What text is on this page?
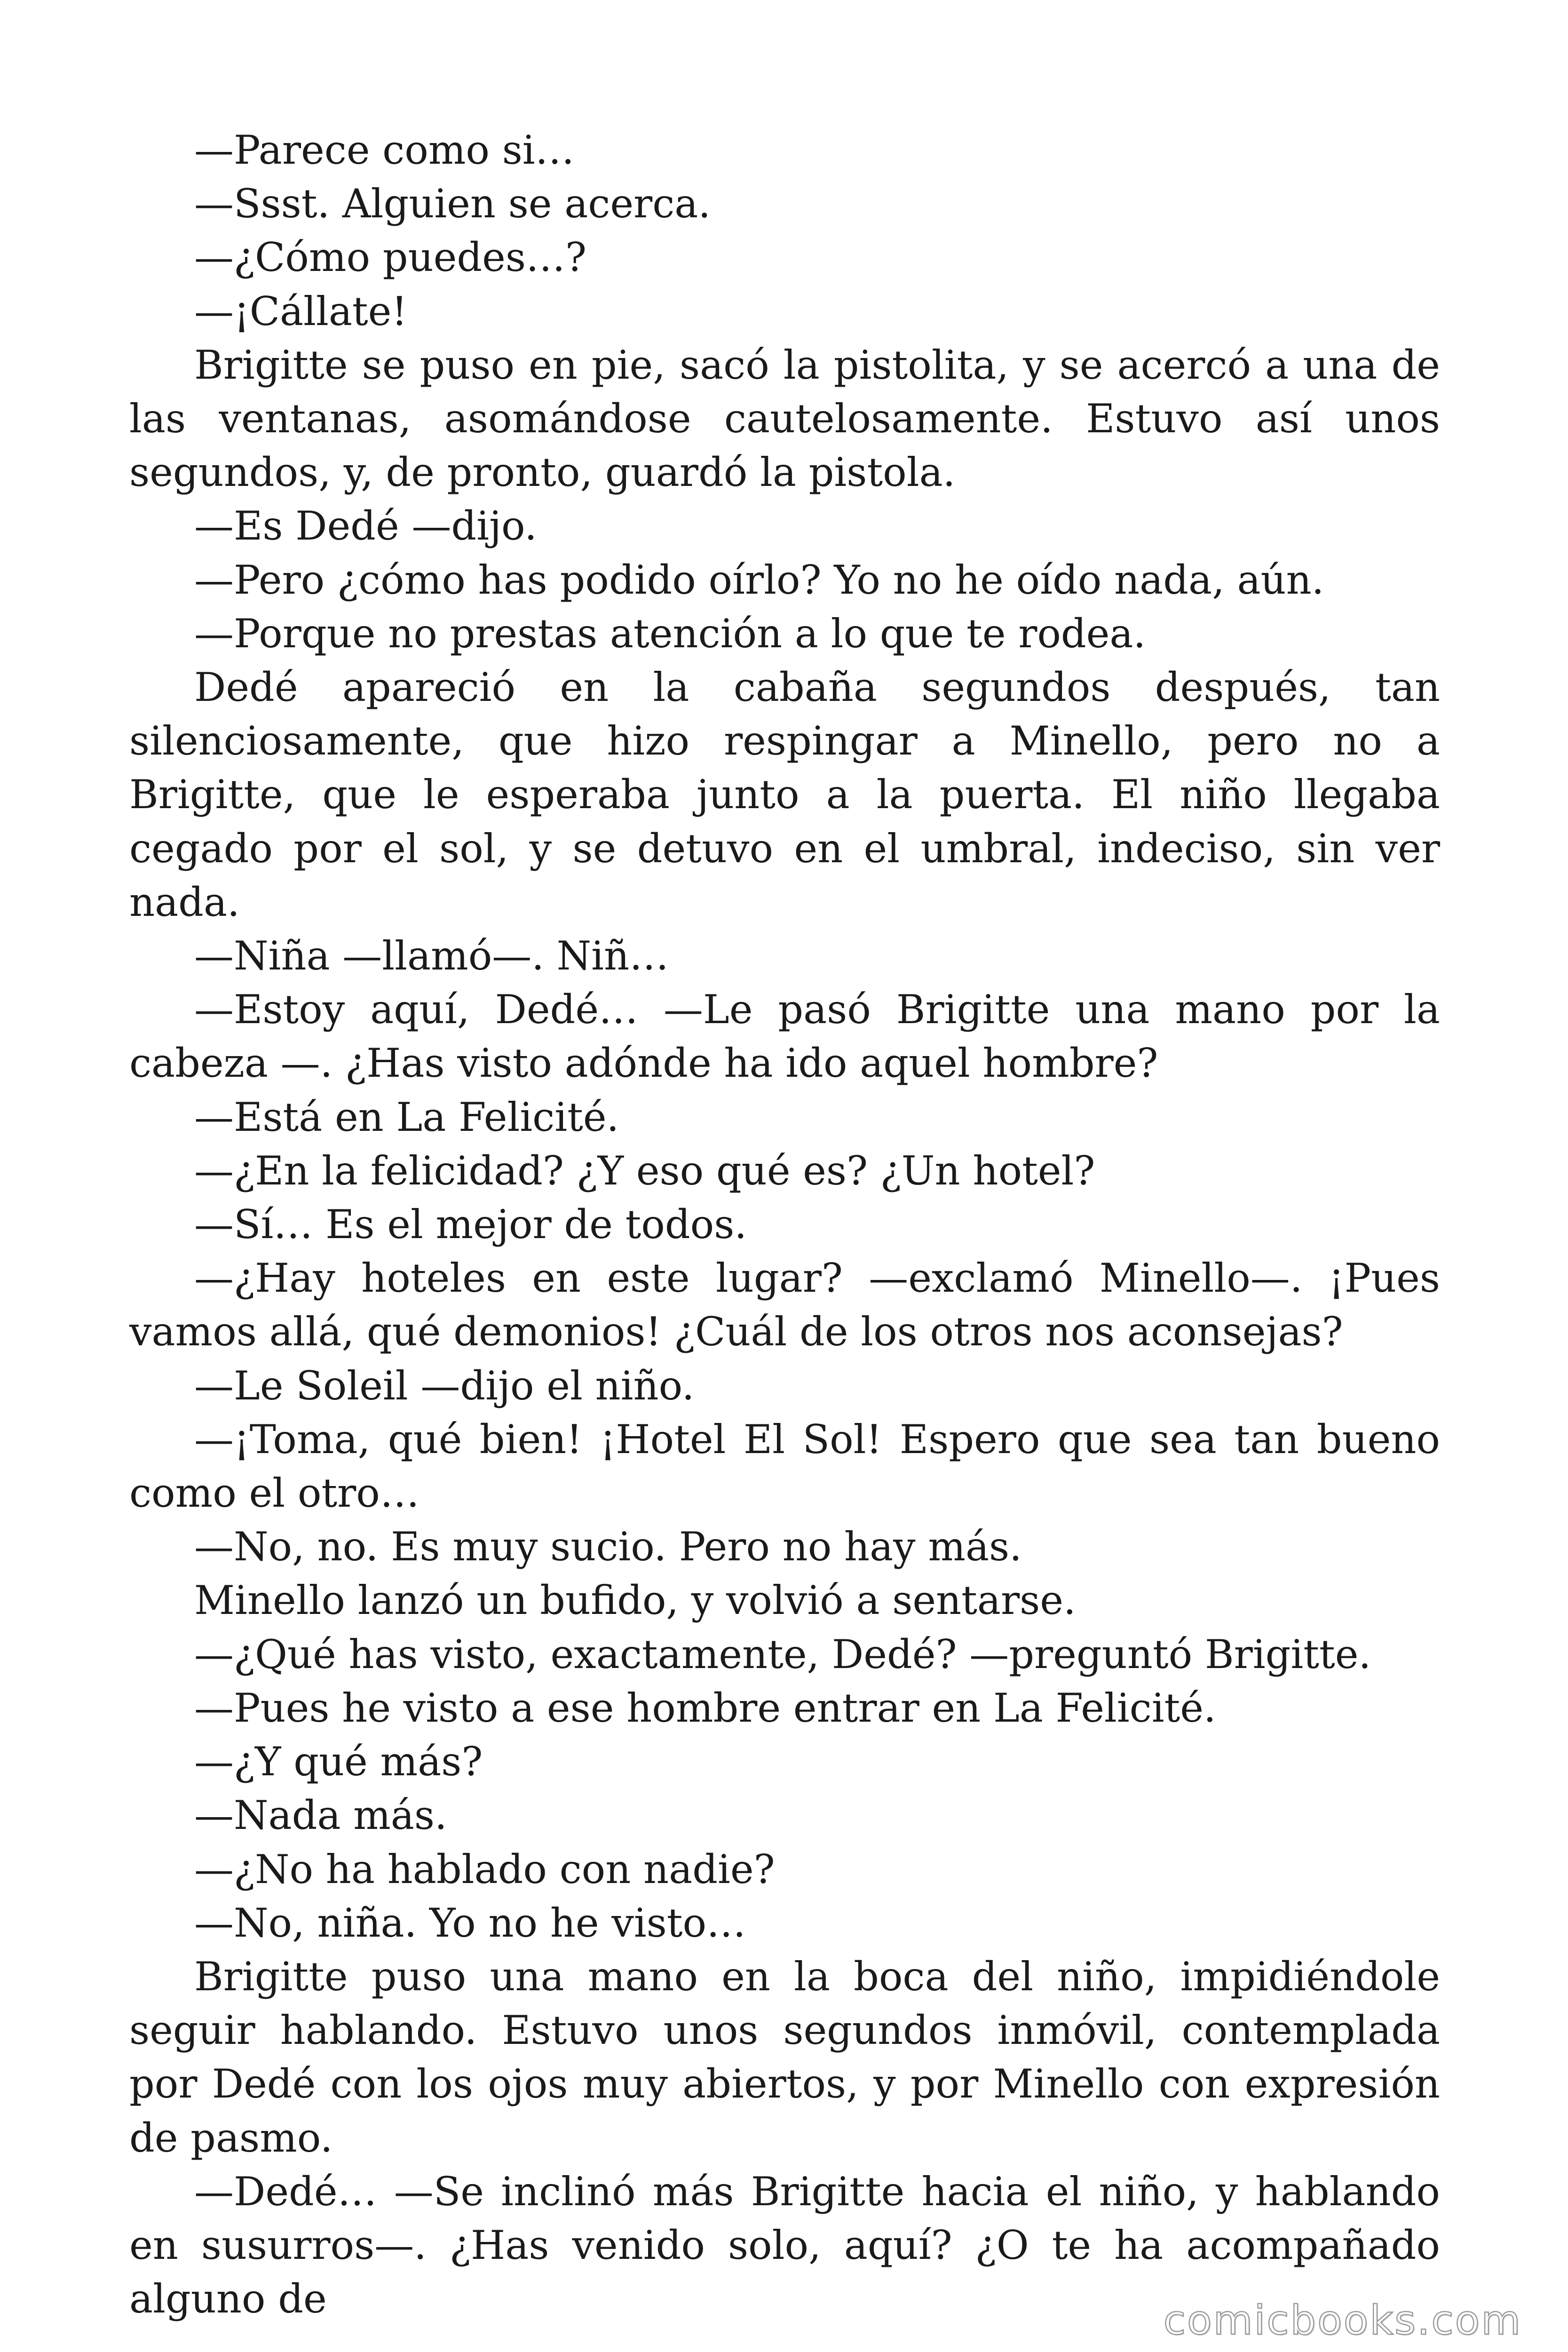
—Parece como si…

—Ssst. Alguien se acerca.

—¿Cómo puedes…?

—¡Cállate!

Brigitte se puso en pie, sacó la pistolita, y se acercó a una de las ventanas, asomándose cautelosamente. Estuvo así unos segundos, y, de pronto, guardó la pistola.

—Es Dedé —dijo.

—Pero ¿cómo has podido oírlo? Yo no he oído nada, aún.

—Porque no prestas atención a lo que te rodea.

Dedé apareció en la cabaña segundos después, tan silenciosamente, que hizo respingar a Minello, pero no a Brigitte, que le esperaba junto a la puerta. El niño llegaba cegado por el sol, y se detuvo en el umbral, indeciso, sin ver nada.

—Niña —llamó—. Niñ…

—Estoy aquí, Dedé… —Le pasó Brigitte una mano por la cabeza —. ¿Has visto adónde ha ido aquel hombre?

—Está en La Felicité.

—¿En la felicidad? ¿Y eso qué es? ¿Un hotel?

—Sí… Es el mejor de todos.

—¿Hay hoteles en este lugar? —exclamó Minello—. ¡Pues vamos allá, qué demonios! ¿Cuál de los otros nos aconsejas?

—Le Soleil —dijo el niño.

—¡Toma, qué bien! ¡Hotel El Sol! Espero que sea tan bueno como el otro…

—No, no. Es muy sucio. Pero no hay más.

Minello lanzó un bufido, y volvió a sentarse.

—¿Qué has visto, exactamente, Dedé? —preguntó Brigitte.

—Pues he visto a ese hombre entrar en La Felicité.

—¿Y qué más?

—Nada más.

—¿No ha hablado con nadie?

—No, niña. Yo no he visto…

Brigitte puso una mano en la boca del niño, impidiéndole seguir hablando. Estuvo unos segundos inmóvil, contemplada por Dedé con los ojos muy abiertos, y por Minello con expresión de pasmo.

—Dedé… —Se inclinó más Brigitte hacia el niño, y hablando en susurros—. ¿Has venido solo, aquí? ¿O te ha acompañado alguno de	comicbooks.com
